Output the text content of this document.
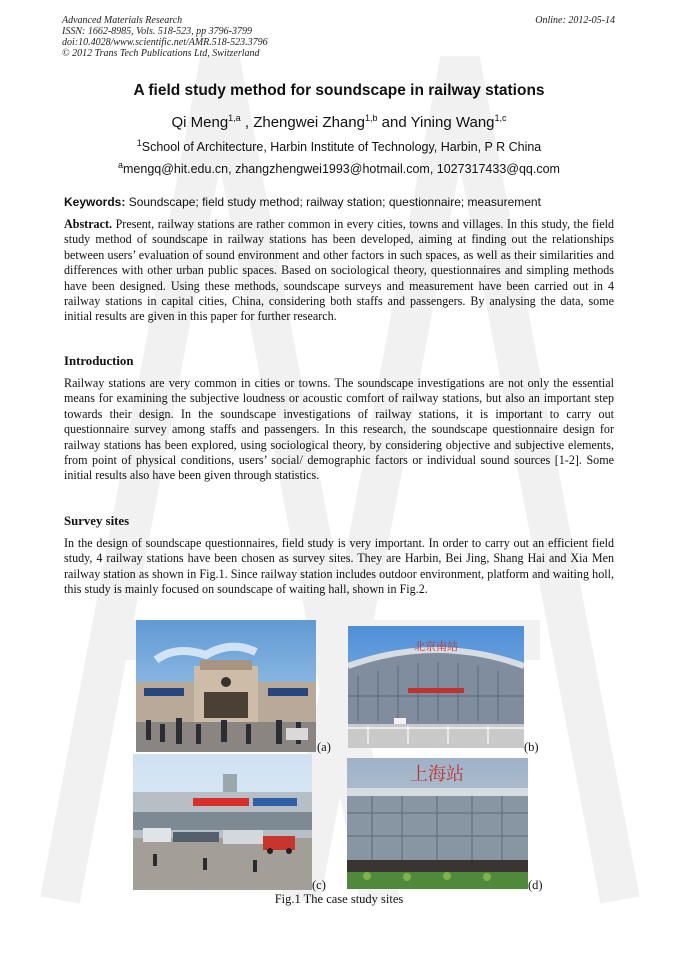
Advanced Materials Research
ISSN: 1662-8985, Vols. 518-523, pp 3796-3799
doi:10.4028/www.scientific.net/AMR.518-523.3796
© 2012 Trans Tech Publications Ltd, Switzerland
Online: 2012-05-14
A field study method for soundscape in railway stations
Qi Meng$^{1,a}$ , Zhengwei Zhang$^{1,b}$ and Yining Wang$^{1,c}$
$^1$School of Architecture, Harbin Institute of Technology, Harbin, P R China
$^a$mengq@hit.edu.cn, zhangzhengwei1993@hotmail.com, 1027317433@qq.com
Keywords: Soundscape; field study method; railway station; questionnaire; measurement
Abstract. Present, railway stations are rather common in every cities, towns and villages. In this study, the field study method of soundscape in railway stations has been developed, aiming at finding out the relationships between users’ evaluation of sound environment and other factors in such spaces, as well as their similarities and differences with other urban public spaces. Based on sociological theory, questionnaires and simpling methods have been designed. Using these methods, soundscape surveys and measurement have been carried out in 4 railway stations in capital cities, China, considering both staffs and passengers. By analysing the data, some initial results are given in this paper for further research.
Introduction
Railway stations are very common in cities or towns. The soundscape investigations are not only the essential means for examining the subjective loudness or acoustic comfort of railway stations, but also an important step towards their design. In the soundscape investigations of railway stations, it is important to carry out questionnaire survey among staffs and passengers. In this research, the soundscape questionnaire design for railway stations has been explored, using sociological theory, by considering objective and subjective elements, from point of physical conditions, users’ social/ demographic factors or individual sound sources [1-2]. Some initial results also have been given through statistics.
Survey sites
In the design of soundscape questionnaires, field study is very important. In order to carry out an efficient field study, 4 railway stations have been chosen as survey sites. They are Harbin, Bei Jing, Shang Hai and Xia Men railway station as shown in Fig.1. Since railway station includes outdoor environment, platform and waiting holl, this study is mainly focused on soundscape of waiting hall, shown in Fig.2.
(a)
北京南站
(b)
(c)
上海站
(d)
Fig.1 The case study sites
